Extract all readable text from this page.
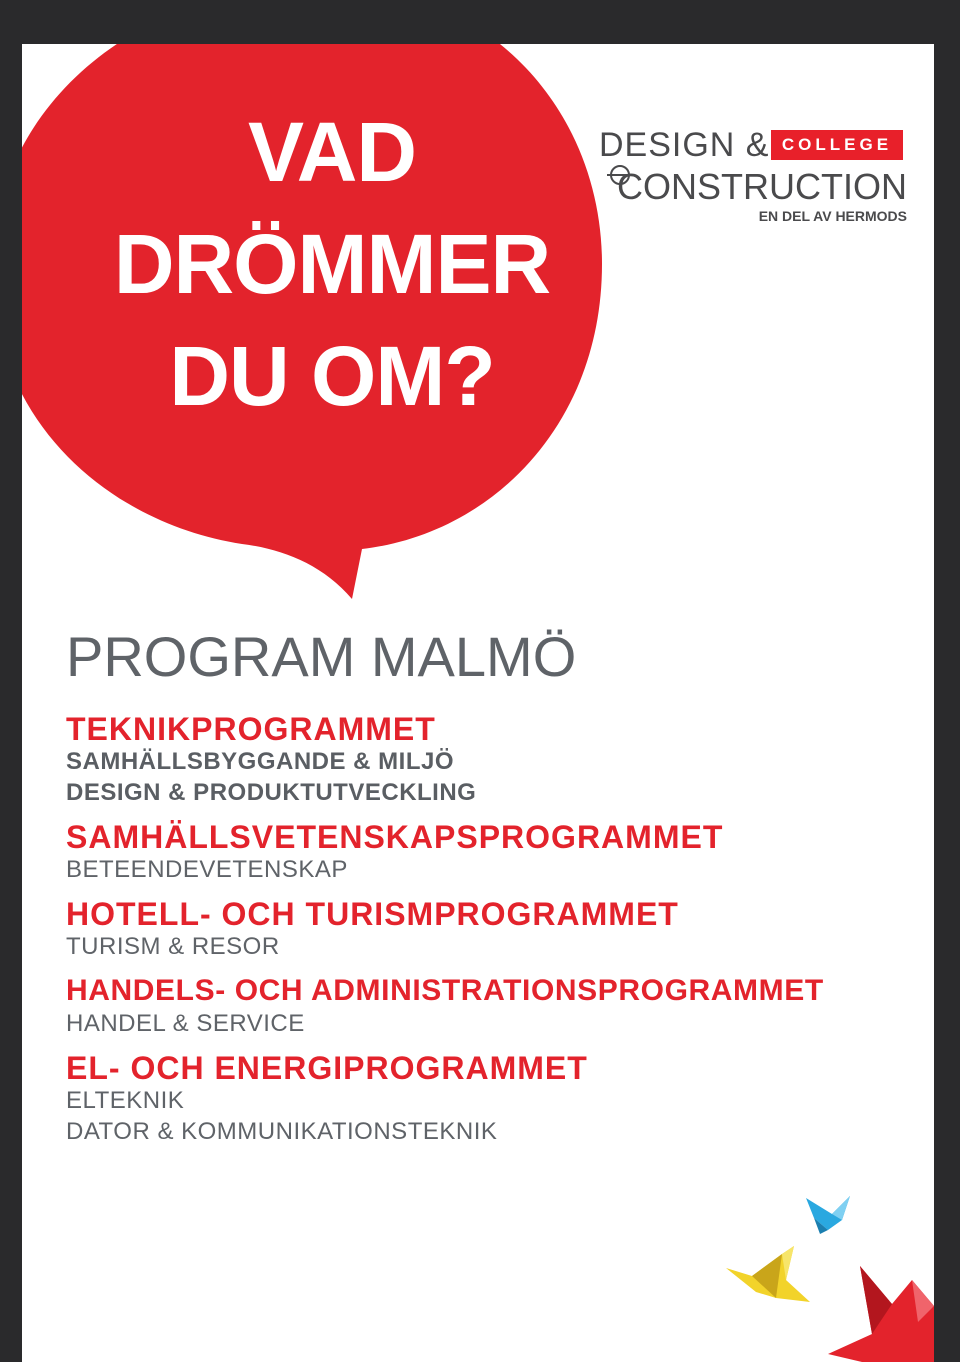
VAD
DRÖMMER
DU OM?
DESIGN & COLLEGE
CONSTRUCTION
EN DEL AV HERMODS
PROGRAM MALMÖ
TEKNIKPROGRAMMET
SAMHÄLLSBYGGANDE & MILJÖ
DESIGN & PRODUKTUTVECKLING
SAMHÄLLSVETENSKAPSPROGRAMMET
BETEENDEVETENSKAP
HOTELL- OCH TURISMPROGRAMMET
TURISM & RESOR
HANDELS- OCH ADMINISTRATIONSPROGRAMMET
HANDEL & SERVICE
EL- OCH ENERGIPROGRAMMET
ELTEKNIK
DATOR & KOMMUNIKATIONSTEKNIK
